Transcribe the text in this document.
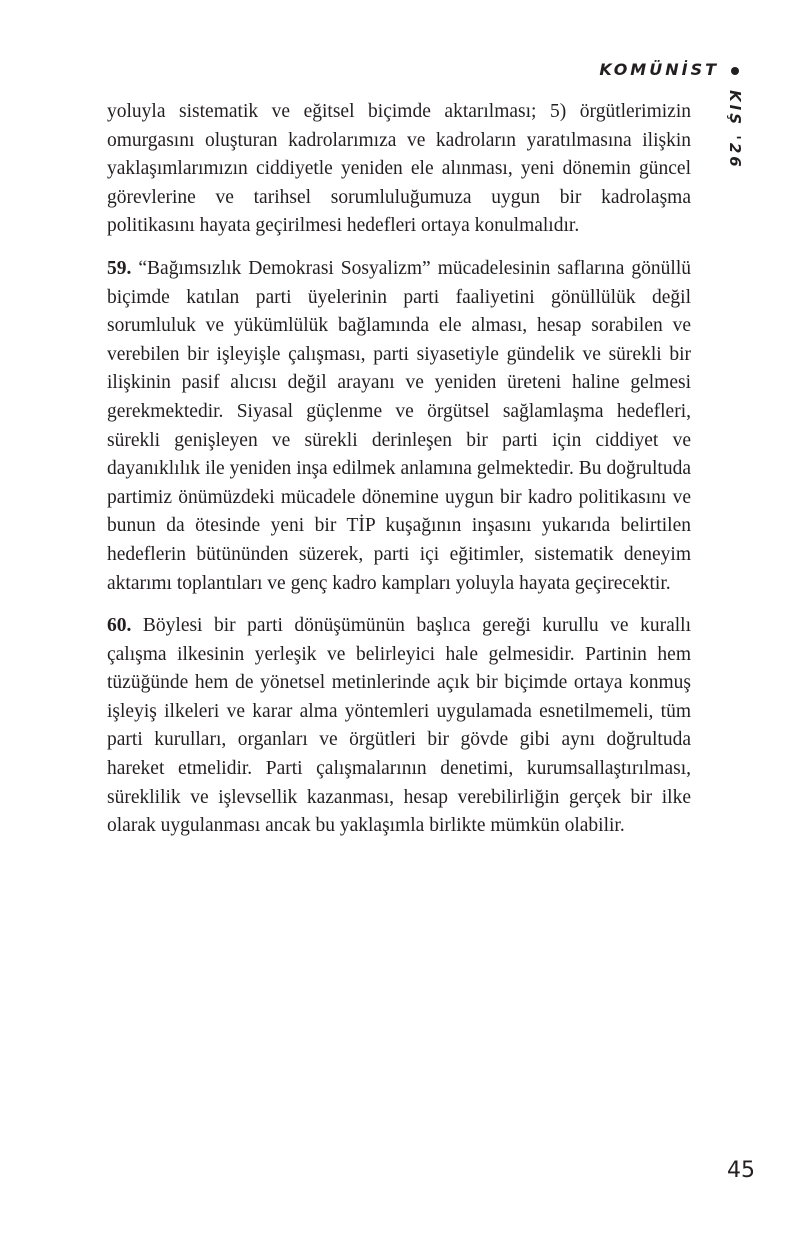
KOMÜNİST
KIŞ '26

yoluyla sistematik ve eğitsel biçimde aktarılması; 5) örgütlerimizin omurgasını oluşturan kadrolarımıza ve kadroların yaratılmasına ilişkin yaklaşımlarımızın ciddiyetle yeniden ele alınması, yeni dönemin güncel görevlerine ve tarihsel sorumluluğumuza uygun bir kadrolaşma politikasını hayata geçirilmesi hedefleri ortaya konulmalıdır.

59. “Bağımsızlık Demokrasi Sosyalizm” mücadelesinin saflarına gönüllü biçimde katılan parti üyelerinin parti faaliyetini gönüllülük değil sorumluluk ve yükümlülük bağlamında ele alması, hesap sorabilen ve verebilen bir işleyişle çalışması, parti siyasetiyle gündelik ve sürekli bir ilişkinin pasif alıcısı değil arayanı ve yeniden üreteni haline gelmesi gerekmektedir. Siyasal güçlenme ve örgütsel sağlamlaşma hedefleri, sürekli genişleyen ve sürekli derinleşen bir parti için ciddiyet ve dayanıklılık ile yeniden inşa edilmek anlamına gelmektedir. Bu doğrultuda partimiz önümüzdeki mücadele dönemine uygun bir kadro politikasını ve bunun da ötesinde yeni bir TİP kuşağının inşasını yukarıda belirtilen hedeflerin bütününden süzerek, parti içi eğitimler, sistematik deneyim aktarımı toplantıları ve genç kadro kampları yoluyla hayata geçirecektir.

60. Böylesi bir parti dönüşümünün başlıca gereği kurullu ve kurallı çalışma ilkesinin yerleşik ve belirleyici hale gelmesidir. Partinin hem tüzüğünde hem de yönetsel metinlerinde açık bir biçimde ortaya konmuş işleyiş ilkeleri ve karar alma yöntemleri uygulamada esnetilmemeli, tüm parti kurulları, organları ve örgütleri bir gövde gibi aynı doğrultuda hareket etmelidir. Parti çalışmalarının denetimi, kurumsallaştırılması, süreklilik ve işlevsellik kazanması, hesap verebilirliğin gerçek bir ilke olarak uygulanması ancak bu yaklaşımla birlikte mümkün olabilir.

45
